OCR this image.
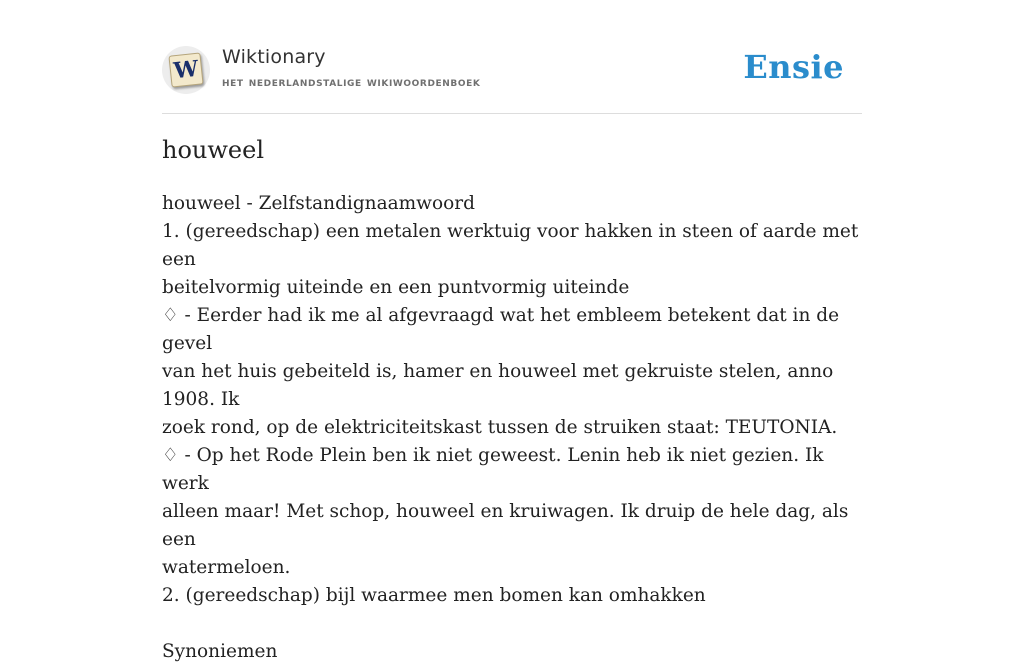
W Wiktionary
het nederlandstalige wikiwoordenboek	Ensie
houweel
houweel - Zelfstandignaamwoord
1. (gereedschap) een metalen werktuig voor hakken in steen of aarde met een
beitelvormig uiteinde en een puntvormig uiteinde
♢ - Eerder had ik me al afgevraagd wat het embleem betekent dat in de gevel
van het huis gebeiteld is, hamer en houweel met gekruiste stelen, anno 1908. Ik
zoek rond, op de elektriciteitskast tussen de struiken staat: TEUTONIA.
♢ - Op het Rode Plein ben ik niet geweest. Lenin heb ik niet gezien. Ik werk
alleen maar! Met schop, houweel en kruiwagen. Ik druip de hele dag, als een
watermeloen.
2. (gereedschap) bijl waarmee men bomen kan omhakken
Synoniemen
